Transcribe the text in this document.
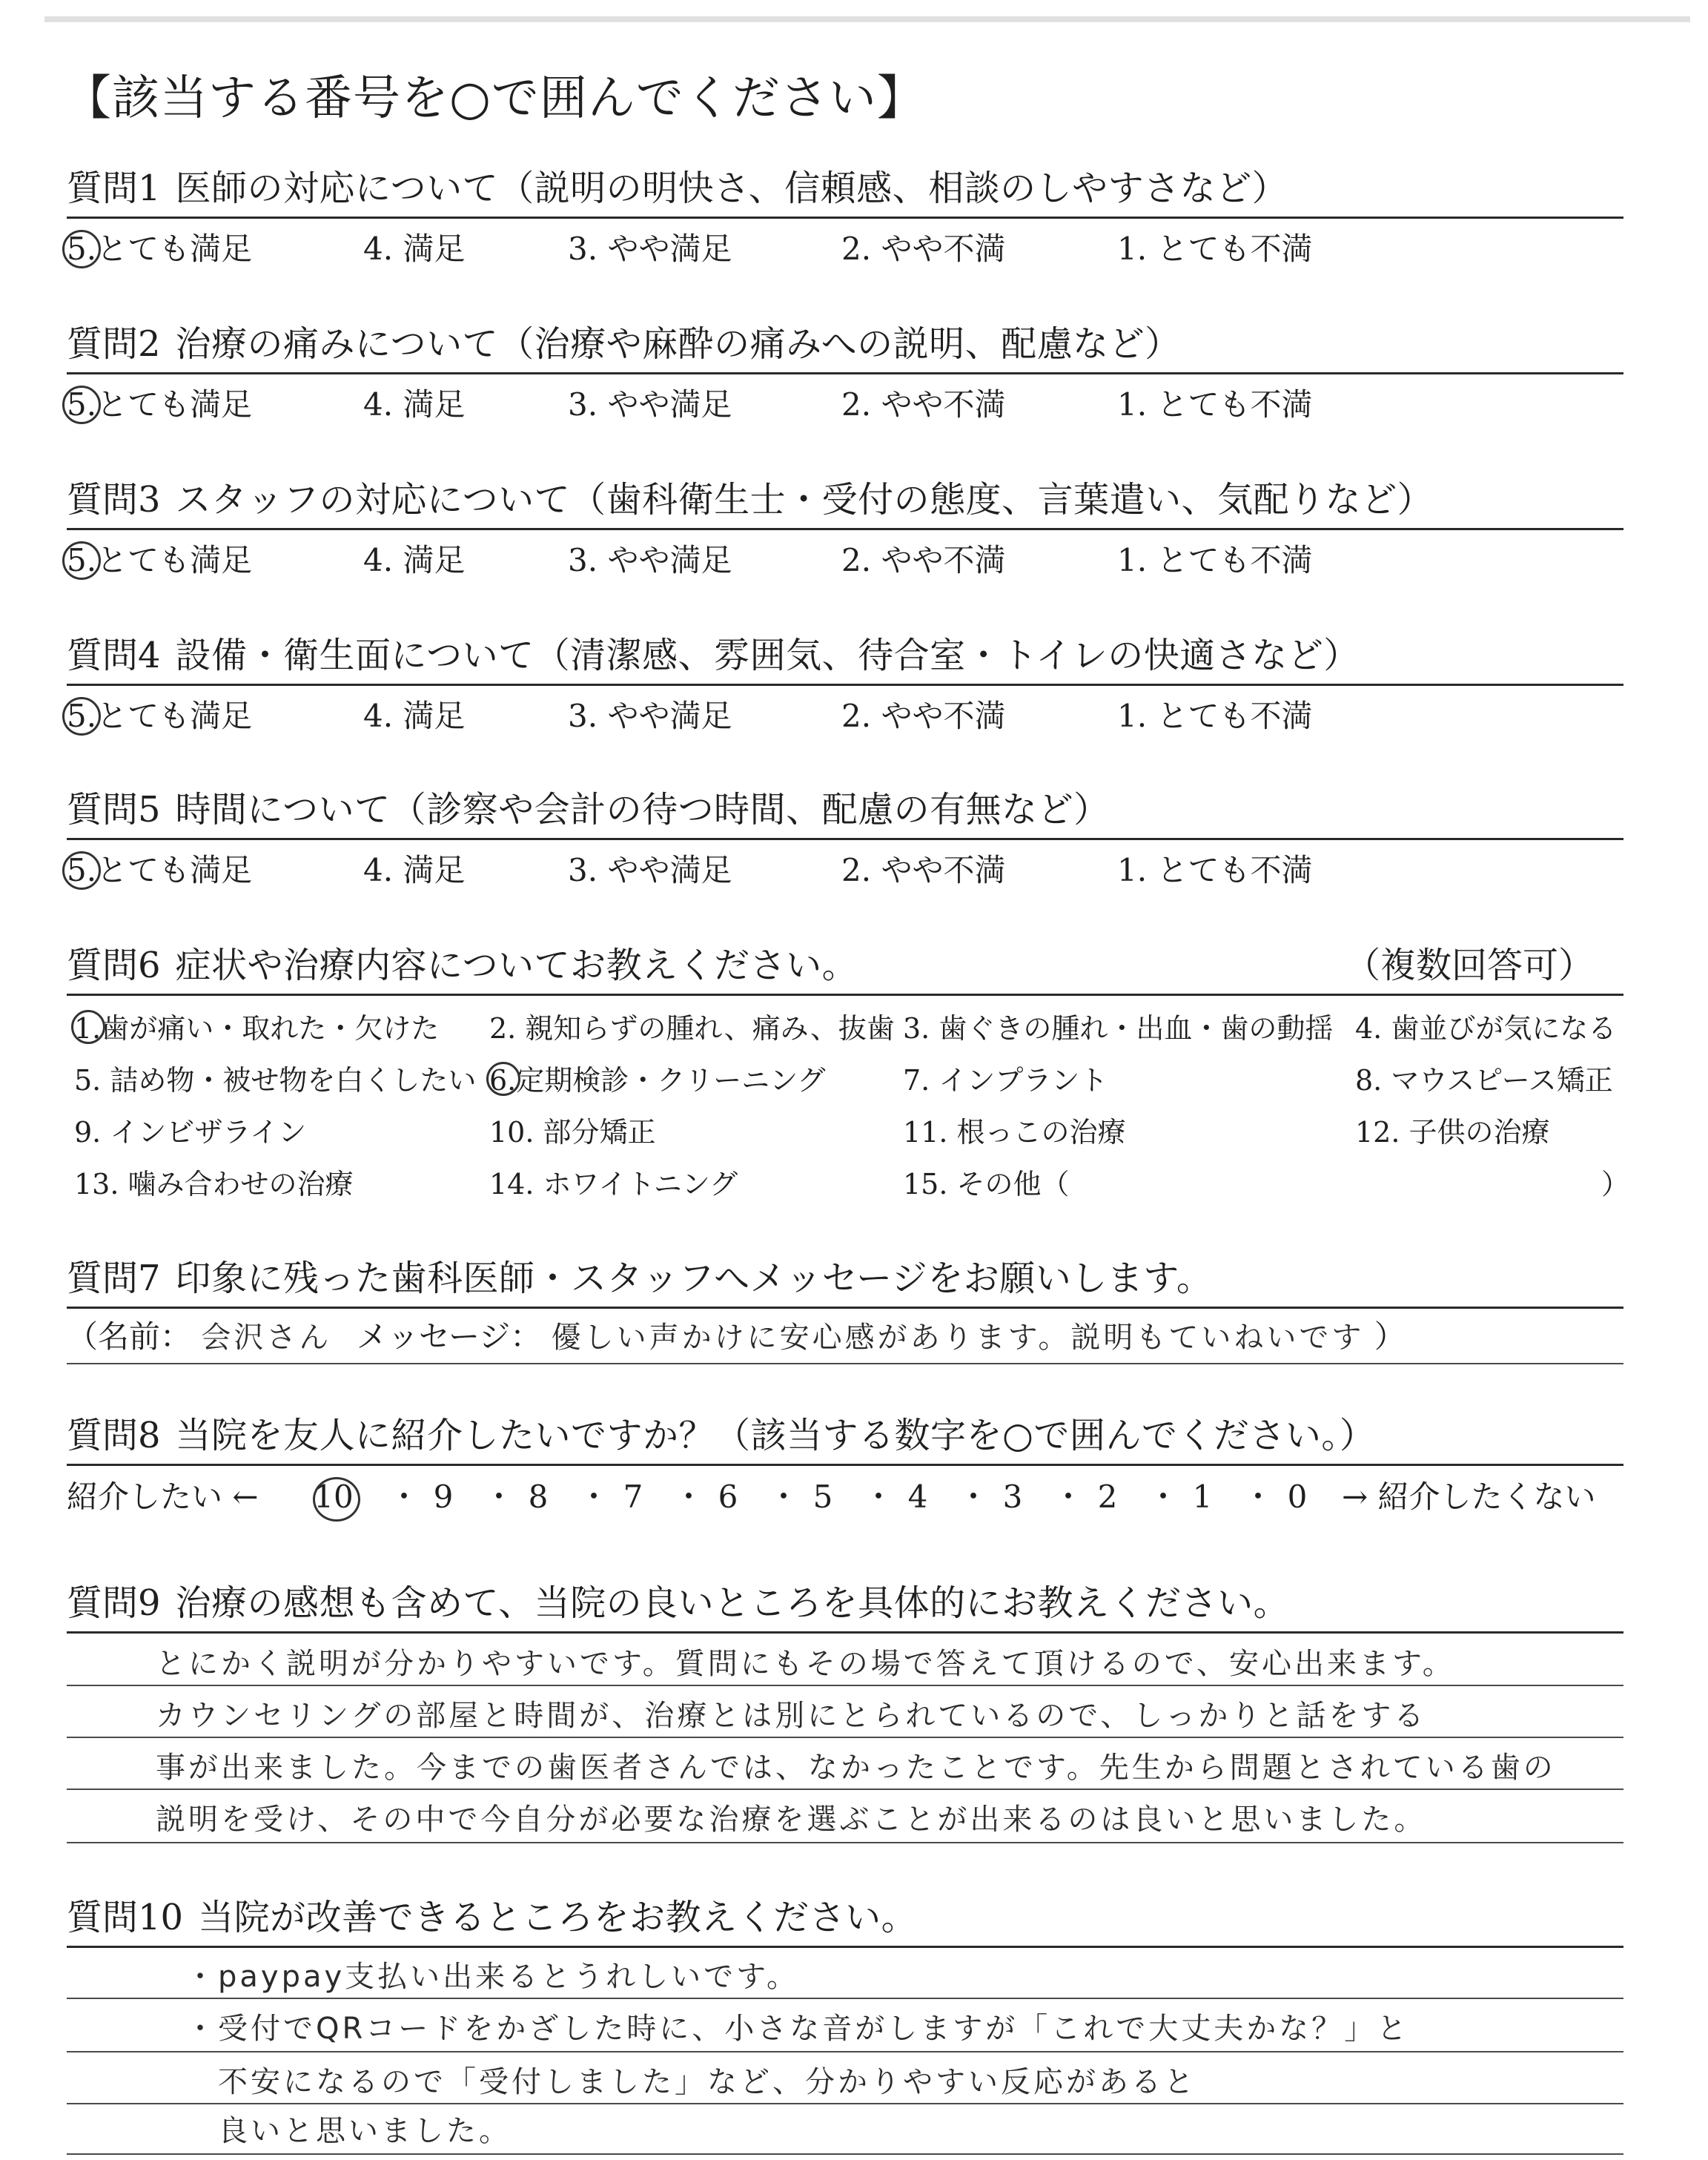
【該当する番号を○で囲んでください】
質問1 医師の対応について（説明の明快さ、信頼感、相談のしやすさなど）
5.とても満足	4. 満足	3. やや満足	2. やや不満	1. とても不満
質問2 治療の痛みについて（治療や麻酔の痛みへの説明、配慮など）
5.とても満足	4. 満足	3. やや満足	2. やや不満	1. とても不満
質問3 スタッフの対応について（歯科衛生士・受付の態度、言葉遣い、気配りなど）
5.とても満足	4. 満足	3. やや満足	2. やや不満	1. とても不満
質問4 設備・衛生面について（清潔感、雰囲気、待合室・トイレの快適さなど）
5.とても満足	4. 満足	3. やや満足	2. やや不満	1. とても不満
質問5 時間について（診察や会計の待つ時間、配慮の有無など）
5.とても満足	4. 満足	3. やや満足	2. やや不満	1. とても不満
質問6 症状や治療内容についてお教えください。	（複数回答可）
1.歯が痛い・取れた・欠けた 2. 親知らずの腫れ、痛み、抜歯 3. 歯ぐきの腫れ・出血・歯の動揺 4. 歯並びが気になる
5. 詰め物・被せ物を白くしたい 6.定期検診・クリーニング	7. インプラント	8. マウスピース矯正
9. インビザライン	10. 部分矯正	11. 根っこの治療	12. 子供の治療
13. 噛み合わせの治療	14. ホワイトニング	15. その他（	）
質問7 印象に残った歯科医師・スタッフへメッセージをお願いします。
（名前： 会沢さん メッセージ： 優しい声かけに安心感があります。説明もていねいです ）
質問8 当院を友人に紹介したいですか？（該当する数字を○で囲んでください。）
紹介したい ← 10 ・ 9 ・ 8 ・ 7 ・ 6 ・ 5 ・ 4 ・ 3 ・ 2 ・ 1 ・ 0	→ 紹介したくない
質問9 治療の感想も含めて、当院の良いところを具体的にお教えください。
とにかく説明が分かりやすいです。質問にもその場で答えて頂けるので、安心出来ます。
カウンセリングの部屋と時間が、治療とは別にとられているので、しっかりと話をする
事が出来ました。今までの歯医者さんでは、なかったことです。先生から問題とされている歯の
説明を受け、その中で今自分が必要な治療を選ぶことが出来るのは良いと思いました。
質問10 当院が改善できるところをお教えください。
・paypay支払い出来るとうれしいです。
・受付でQRコードをかざした時に、小さな音がしますが「これで大丈夫かな？」と
　不安になるので「受付しました」など、分かりやすい反応があると
　良いと思いました。
